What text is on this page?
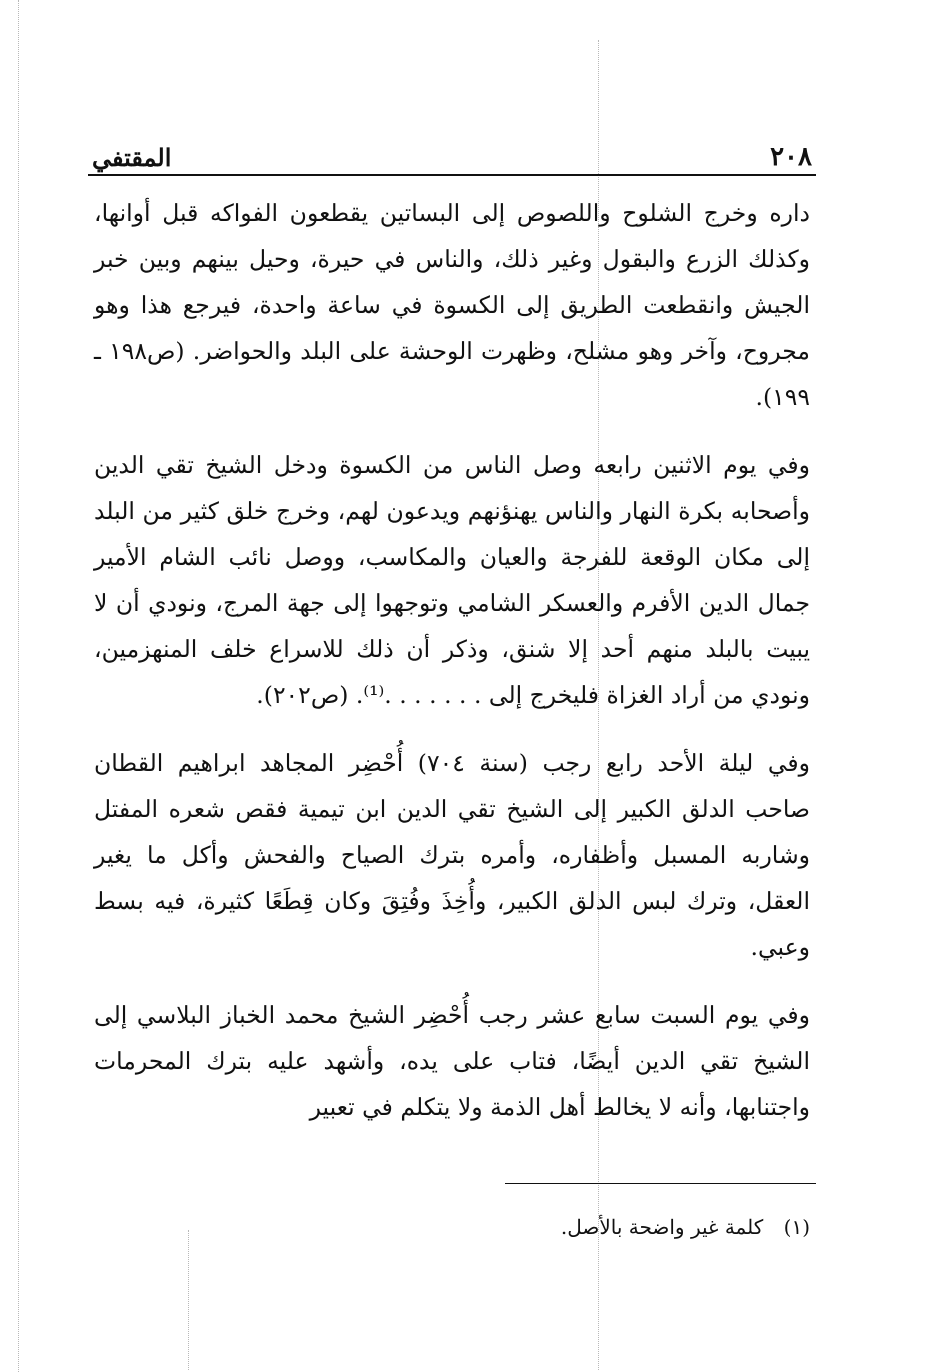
٢٠٨
المقتفي

داره وخرج الشلوح واللصوص إلى البساتين يقطعون الفواكه قبل أوانها، وكذلك الزرع والبقول وغير ذلك، والناس في حيرة، وحيل بينهم وبين خبر الجيش وانقطعت الطريق إلى الكسوة في ساعة واحدة، فيرجع هذا وهو مجروح، وآخر وهو مشلح، وظهرت الوحشة على البلد والحواضر. (ص١٩٨ ـ ١٩٩).

وفي يوم الاثنين رابعه وصل الناس من الكسوة ودخل الشيخ تقي الدين وأصحابه بكرة النهار والناس يهنؤنهم ويدعون لهم، وخرج خلق كثير من البلد إلى مكان الوقعة للفرجة والعيان والمكاسب، ووصل نائب الشام الأمير جمال الدين الأفرم والعسكر الشامي وتوجهوا إلى جهة المرج، ونودي أن لا يبيت بالبلد منهم أحد إلا شنق، وذكر أن ذلك للاسراع خلف المنهزمين، ونودي من أراد الغزاة فليخرج إلى . . . . . . .⁽¹⁾. (ص٢٠٢).

وفي ليلة الأحد رابع رجب (سنة ٧٠٤) أُحْضِر المجاهد ابراهيم القطان صاحب الدلق الكبير إلى الشيخ تقي الدين ابن تيمية فقص شعره المفتل وشاربه المسبل وأظفاره، وأمره بترك الصياح والفحش وأكل ما يغير العقل، وترك لبس الدلق الكبير، وأُخِذَ وفُتِقَ وكان قِطَعًا كثيرة، فيه بسط وعبي.

وفي يوم السبت سابع عشر رجب أُحْضِر الشيخ محمد الخباز البلاسي إلى الشيخ تقي الدين أيضًا، فتاب على يده، وأشهد عليه بترك المحرمات واجتنابها، وأنه لا يخالط أهل الذمة ولا يتكلم في تعبير

(١) كلمة غير واضحة بالأصل.
